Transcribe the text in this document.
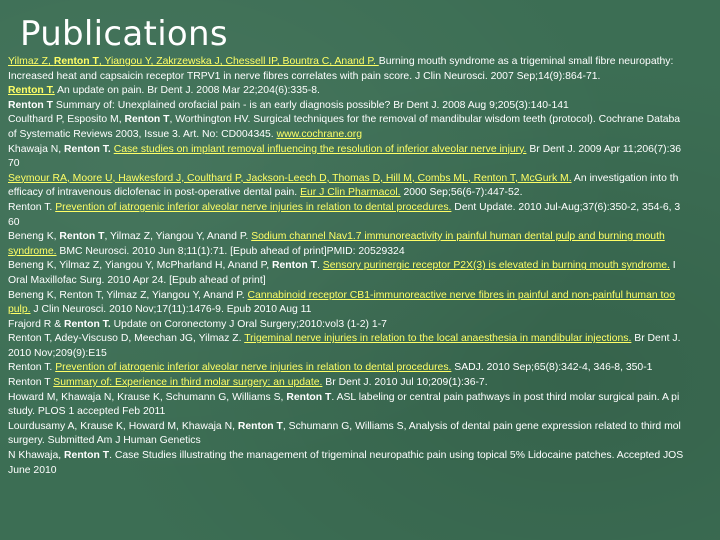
Publications
Yilmaz Z, Renton T, Yiangou Y, Zakrzewska J, Chessell IP, Bountra C, Anand P. Burning mouth syndrome as a trigeminal small fibre neuropathy:
Increased heat and capsaicin receptor TRPV1 in nerve fibres correlates with pain score. J Clin Neurosci. 2007 Sep;14(9):864-71.
Renton T. An update on pain. Br Dent J. 2008 Mar 22;204(6):335-8.
Renton T Summary of: Unexplained orofacial pain - is an early diagnosis possible? Br Dent J. 2008 Aug 9;205(3):140-141
Coulthard P, Esposito M, Renton T, Worthington HV. Surgical techniques for the removal of mandibular wisdom teeth (protocol). Cochrane Databa
of Systematic Reviews 2003, Issue 3. Art. No: CD004345. www.cochrane.org
Khawaja N, Renton T. Case studies on implant removal influencing the resolution of inferior alveolar nerve injury. Br Dent J. 2009 Apr 11;206(7):36
70
Seymour RA, Moore U, Hawkesford J, Coulthard P, Jackson-Leech D, Thomas D, Hill M, Combs ML, Renton T, McGurk M. An investigation into th
efficacy of intravenous diclofenac in post-operative dental pain. Eur J Clin Pharmacol. 2000 Sep;56(6-7):447-52.
Renton T. Prevention of iatrogenic inferior alveolar nerve injuries in relation to dental procedures. Dent Update. 2010 Jul-Aug;37(6):350-2, 354-6, 3
60
Beneng K, Renton T, Yilmaz Z, Yiangou Y, Anand P. Sodium channel Nav1.7 immunoreactivity in painful human dental pulp and burning mouth
syndrome. BMC Neurosci. 2010 Jun 8;11(1):71. [Epub ahead of print]PMID: 20529324
Beneng K, Yilmaz Z, Yiangou Y, McPharland H, Anand P, Renton T. Sensory purinergic receptor P2X(3) is elevated in burning mouth syndrome. I
Oral Maxillofac Surg. 2010 Apr 24. [Epub ahead of print]
Beneng K, Renton T, Yilmaz Z, Yiangou Y, Anand P. Cannabinoid receptor CB1-immunoreactive nerve fibres in painful and non-painful human too
pulp. J Clin Neurosci. 2010 Nov;17(11):1476-9. Epub 2010 Aug 11
Frajord R & Renton T. Update on Coronectomy J Oral Surgery;2010:vol3 (1-2) 1-7
Renton T, Adey-Viscuso D, Meechan JG, Yilmaz Z. Trigeminal nerve injuries in relation to the local anaesthesia in mandibular injections. Br Dent J.
2010 Nov;209(9):E15
Renton T. Prevention of iatrogenic inferior alveolar nerve injuries in relation to dental procedures. SADJ. 2010 Sep;65(8):342-4, 346-8, 350-1
Renton T Summary of: Experience in third molar surgery: an update. Br Dent J. 2010 Jul 10;209(1):36-7.
Howard M, Khawaja N, Krause K, Schumann G, Williams S, Renton T. ASL labeling or central pain pathways in post third molar surgical pain. A pi
study. PLOS 1 accepted Feb 2011
Lourdusamy A, Krause K, Howard M, Khawaja N, Renton T, Schumann G, Williams S, Analysis of dental pain gene expression related to third mol
surgery. Submitted Am J Human Genetics
N Khawaja, Renton T. Case Studies illustrating the management of trigeminal neuropathic pain using topical 5% Lidocaine patches. Accepted JOS
June 2010
